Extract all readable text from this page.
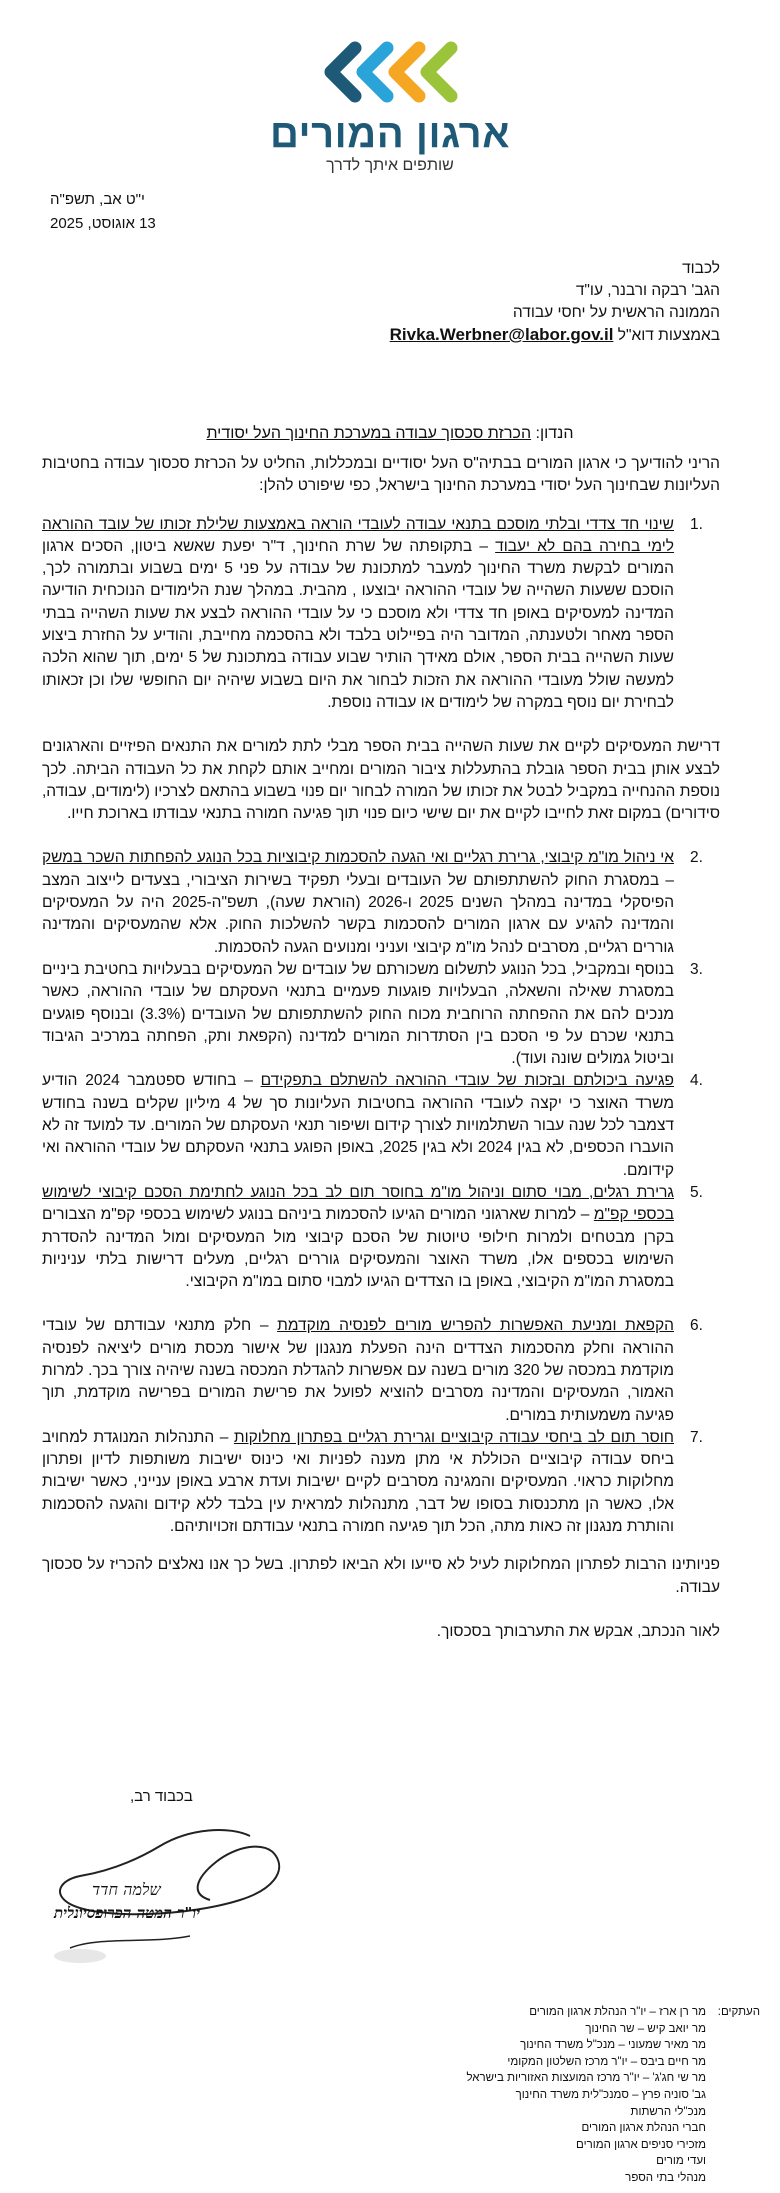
ארגון המורים
שותפים איתך לדרך
י"ט אב, תשפ"ה
13 אוגוסט, 2025
לכבוד
הגב' רבקה ורבנר, עו"ד
הממונה הראשית על יחסי עבודה
באמצעות דוא"ל Rivka.Werbner@labor.gov.il
הנדון: הכרזת סכסוך עבודה במערכת החינוך העל יסודית

הריני להודיעך כי ארגון המורים בבתיה"ס העל יסודיים ובמכללות, החליט על הכרזת סכסוך עבודה בחטיבות העליונות שבחינוך העל יסודי במערכת החינוך בישראל, כפי שיפורט להלן:

1.

שינוי חד צדדי ובלתי מוסכם בתנאי עבודה לעובדי הוראה באמצעות שלילת זכותו של עובד ההוראה לימי בחירה בהם לא יעבוד – בתקופתה של שרת החינוך, ד"ר יפעת שאשא ביטון, הסכים ארגון המורים לבקשת משרד החינוך למעבר למתכונת של עבודה על פני 5 ימים בשבוע ובתמורה לכך, הוסכם ששעות השהייה של עובדי ההוראה יבוצעו , מהבית. במהלך שנת הלימודים הנוכחית הודיעה המדינה למעסיקים באופן חד צדדי ולא מוסכם כי על עובדי ההוראה לבצע את שעות השהייה בבתי הספר מאחר ולטענתה, המדובר היה בפיילוט בלבד ולא בהסכמה מחייבת, והודיע על החזרת ביצוע שעות השהייה בבית הספר, אולם מאידך הותיר שבוע עבודה במתכונת של 5 ימים, תוך שהוא הלכה למעשה שולל מעובדי ההוראה את הזכות לבחור את היום בשבוע שיהיה יום החופשי שלו וכן זכאותו לבחירת יום נוסף במקרה של לימודים או עבודה נוספת.

דרישת המעסיקים לקיים את שעות השהייה בבית הספר מבלי לתת למורים את התנאים הפיזיים והארגונים לבצע אותן בבית הספר גובלת בהתעללות ציבור המורים ומחייב אותם לקחת את כל העבודה הביתה. לכך נוספת ההנחייה במקביל לבטל את זכותו של המורה לבחור יום פנוי בשבוע בהתאם לצרכיו (לימודים, עבודה, סידורים) במקום זאת לחייבו לקיים את יום שישי כיום פנוי תוך פגיעה חמורה בתנאי עבודתו בארוכת חייו.

2.

אי ניהול מו"מ קיבוצי, גרירת רגליים ואי הגעה להסכמות קיבוציות בכל הנוגע להפחתות השכר במשק – במסגרת החוק להשתתפותם של העובדים ובעלי תפקיד בשירות הציבורי, בצעדים לייצוב המצב הפיסקלי במדינה במהלך השנים 2025 ו-2026 (הוראת שעה), תשפ"ה-2025 היה על המעסיקים והמדינה להגיע עם ארגון המורים להסכמות בקשר להשלכות החוק. אלא שהמעסיקים והמדינה גוררים רגליים, מסרבים לנהל מו"מ קיבוצי ועניני ומנועים הגעה להסכמות.

3.

בנוסף ובמקביל, בכל הנוגע לתשלום משכורתם של עובדים של המעסיקים בבעלויות בחטיבת ביניים במסגרת שאילה והשאלה, הבעלויות פוגעות פעמיים בתנאי העסקתם של עובדי ההוראה, כאשר מנכים להם את ההפחתה הרוחבית מכוח החוק להשתתפותם של העובדים (3.3%) ובנוסף פוגעים בתנאי שכרם על פי הסכם בין הסתדרות המורים למדינה (הקפאת ותק, הפחתה במרכיב הגיבוד וביטול גמולים שונה ועוד).

4.

פגיעה ביכולתם ובזכות של עובדי ההוראה להשתלם בתפקידם – בחודש ספטמבר 2024 הודיע משרד האוצר כי יקצה לעובדי ההוראה בחטיבות העליונות סך של 4 מיליון שקלים בשנה בחודש דצמבר לכל שנה עבור השתלמויות לצורך קידום ושיפור תנאי העסקתם של המורים. עד למועד זה לא הועברו הכספים, לא בגין 2024 ולא בגין 2025, באופן הפוגע בתנאי העסקתם של עובדי ההוראה ואי קידומם.

5.

גרירת רגלים, מבוי סתום וניהול מו"מ בחוסר תום לב בכל הנוגע לחתימת הסכם קיבוצי לשימוש בכספי קפ"מ – למרות שארגוני המורים הגיעו להסכמות ביניהם בנוגע לשימוש בכספי קפ"מ הצבורים בקרן מבטחים ולמרות חילופי טיוטות של הסכם קיבוצי מול המעסיקים ומול המדינה להסדרת השימוש בכספים אלו, משרד האוצר והמעסיקים גוררים רגליים, מעלים דרישות בלתי עניניות במסגרת המו"מ הקיבוצי, באופן בו הצדדים הגיעו למבוי סתום במו"מ הקיבוצי.

6.

הקפאת ומניעת האפשרות להפריש מורים לפנסיה מוקדמת – חלק מתנאי עבודתם של עובדי ההוראה וחלק מהסכמות הצדדים הינה הפעלת מנגנון של אישור מכסת מורים ליציאה לפנסיה מוקדמת במכסה של 320 מורים בשנה עם אפשרות להגדלת המכסה בשנה שיהיה צורך בכך. למרות האמור, המעסיקים והמדינה מסרבים להוציא לפועל את פרישת המורים בפרישה מוקדמת, תוך פגיעה משמעותית במורים.

7.

חוסר תום לב ביחסי עבודה קיבוציים וגרירת רגליים בפתרון מחלוקות – התנהלות המנוגדת למחויב ביחס עבודה קיבוציים הכוללת אי מתן מענה לפניות ואי כינוס ישיבות משותפות לדיון ופתרון מחלוקות כראוי. המעסיקים והמגינה מסרבים לקיים ישיבות ועדת ארבע באופן ענייני, כאשר ישיבות אלו, כאשר הן מתכנסות בסופו של דבר, מתנהלות למראית עין בלבד ללא קידום והגעה להסכמות והותרת מנגנון זה כאות מתה, הכל תוך פגיעה חמורה בתנאי עבודתם וזכויותיהם.

פניותינו הרבות לפתרון המחלוקות לעיל לא סייעו ולא הביאו לפתרון. בשל כך אנו נאלצים להכריז על סכסוך עבודה.

לאור הנכתב, אבקש את התערבותך בסכסוך.

בכבוד רב,
שלמה חדד
יו"ר המטה הפרופסיונלית
העתקים:
מר רן ארז – יו"ר הנהלת ארגון המורים
מר יואב קיש – שר החינוך
מר מאיר שמעוני – מנכ"ל משרד החינוך
מר חיים ביבס – יו"ר מרכז השלטון המקומי
מר שי חג'ג' – יו"ר מרכז המועצות האזוריות בישראל
גב' סוניה פרץ – סמנכ"לית משרד החינוך
מנכ"לי הרשתות
חברי הנהלת ארגון המורים
מזכירי סניפים ארגון המורים
ועדי מורים
מנהלי בתי הספר
